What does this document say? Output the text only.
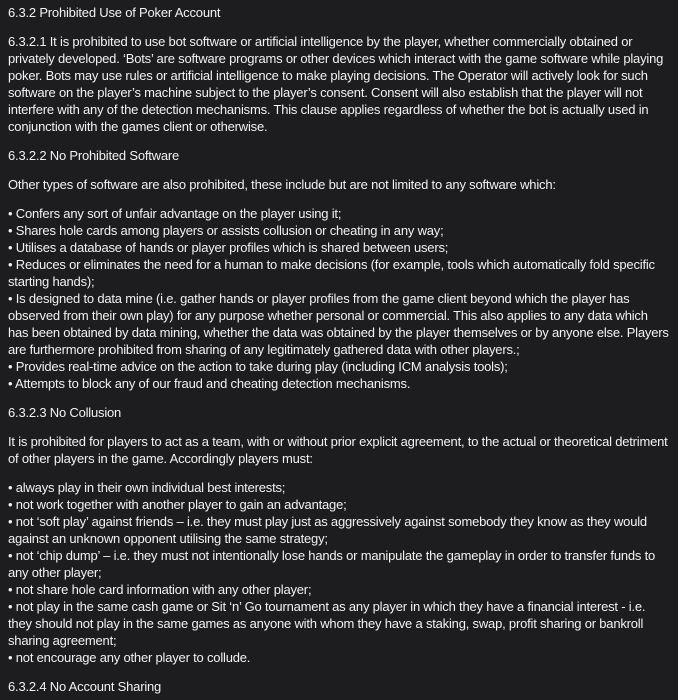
6.3.2 Prohibited Use of Poker Account

6.3.2.1 It is prohibited to use bot software or artificial intelligence by the player, whether commercially obtained or privately developed. ‘Bots’ are software programs or other devices which interact with the game software while playing poker. Bots may use rules or artificial intelligence to make playing decisions. The Operator will actively look for such software on the player’s machine subject to the player’s consent. Consent will also establish that the player will not interfere with any of the detection mechanisms. This clause applies regardless of whether the bot is actually used in conjunction with the games client or otherwise.

6.3.2.2 No Prohibited Software

Other types of software are also prohibited, these include but are not limited to any software which:

• Confers any sort of unfair advantage on the player using it;
• Shares hole cards among players or assists collusion or cheating in any way;
• Utilises a database of hands or player profiles which is shared between users;
• Reduces or eliminates the need for a human to make decisions (for example, tools which automatically fold specific starting hands);
• Is designed to data mine (i.e. gather hands or player profiles from the game client beyond which the player has observed from their own play) for any purpose whether personal or commercial. This also applies to any data which has been obtained by data mining, whether the data was obtained by the player themselves or by anyone else. Players are furthermore prohibited from sharing of any legitimately gathered data with other players.;
• Provides real-time advice on the action to take during play (including ICM analysis tools);
• Attempts to block any of our fraud and cheating detection mechanisms.
6.3.2.3 No Collusion

It is prohibited for players to act as a team, with or without prior explicit agreement, to the actual or theoretical detriment of other players in the game. Accordingly players must:

• always play in their own individual best interests;
• not work together with another player to gain an advantage;
• not ‘soft play’ against friends – i.e. they must play just as aggressively against somebody they know as they would against an unknown opponent utilising the same strategy;
• not ‘chip dump’ – i.e. they must not intentionally lose hands or manipulate the gameplay in order to transfer funds to any other player;
• not share hole card information with any other player;
• not play in the same cash game or Sit ‘n’ Go tournament as any player in which they have a financial interest - i.e. they should not play in the same games as anyone with whom they have a staking, swap, profit sharing or bankroll sharing agreement;
• not encourage any other player to collude.
6.3.2.4 No Account Sharing
